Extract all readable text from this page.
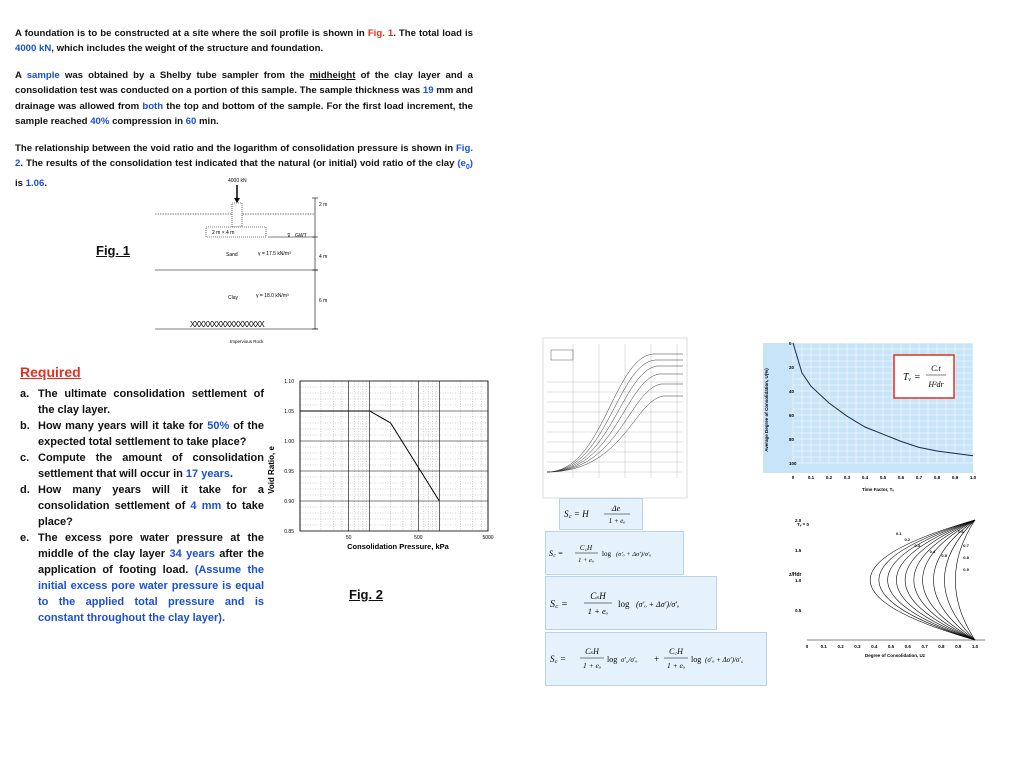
A foundation is to be constructed at a site where the soil profile is shown in Fig. 1. The total load is 4000 kN, which includes the weight of the structure and foundation.
A sample was obtained by a Shelby tube sampler from the midheight of the clay layer and a consolidation test was conducted on a portion of this sample. The sample thickness was 19 mm and drainage was allowed from both the top and bottom of the sample. For the first load increment, the sample reached 40% compression in 60 min.
The relationship between the void ratio and the logarithm of consolidation pressure is shown in Fig. 2. The results of the consolidation test indicated that the natural (or initial) void ratio of the clay $(e_0)$ is 1.06.
Fig. 1
4000 kN
2 m × 4 m	⊽ GWT
XXXXXXXXXXXXXXXXX
2 m
4 m
6 m
Sand	γ = 17.5 kN/m³
Clay	γ = 18.0 kN/m³
Impervious Rock
Required
a. The ultimate consolidation settlement of the clay layer.
b. How many years will it take for 50% of the expected total settlement to take place?
c. Compute the amount of consolidation settlement that will occur in 17 years.
d. How many years will it take for a consolidation settlement of 4 mm to take place?
e. The excess pore water pressure at the middle of the clay layer 34 years after the application of footing load. (Assume the initial excess pore water pressure is equal to the applied total pressure and is constant throughout the clay layer).
1.10
1.05
1.00
0.95
0.90
0.85
50	500	5000
Void Ratio, e
Consolidation Pressure, kPa
Fig. 2
S꜀ = H
Δe
1 + eₒ
S꜀ =
C꜀H
1 + eₒ
log (σ′ₒ + Δσ′)/σ′ₒ
S꜀ =
CₛH
1 + eₒ
log (σ′ₒ + Δσ′)/σ′ₒ
S꜀ =
CₛH
1 + eₒ
log σ′꜀/σ′ₒ +
C꜀H
1 + eₒ
log (σ′ₒ + Δσ′)/σ′꜀
0
20
40
60
80
100
0	0.1	0.2	0.3	0.4	0.5	0.6	0.7	0.8	0.9	1.0
Tᵥ =
Cᵥt
H²dr
Time Factor, Tᵥ
Average Degree of Consolidation, U(%)
0.5
1.0
1.5
2.0
0	0.1 0.2 0.3 0.4 0.5 0.6 0.7 0.8 0.9 1.0
0.1
0.2
0.3
0.4
0.5
0.6
0.7
0.8
0.9
Tᵥ = 0
z/Hdr
Degree of Consolidation, Uz
